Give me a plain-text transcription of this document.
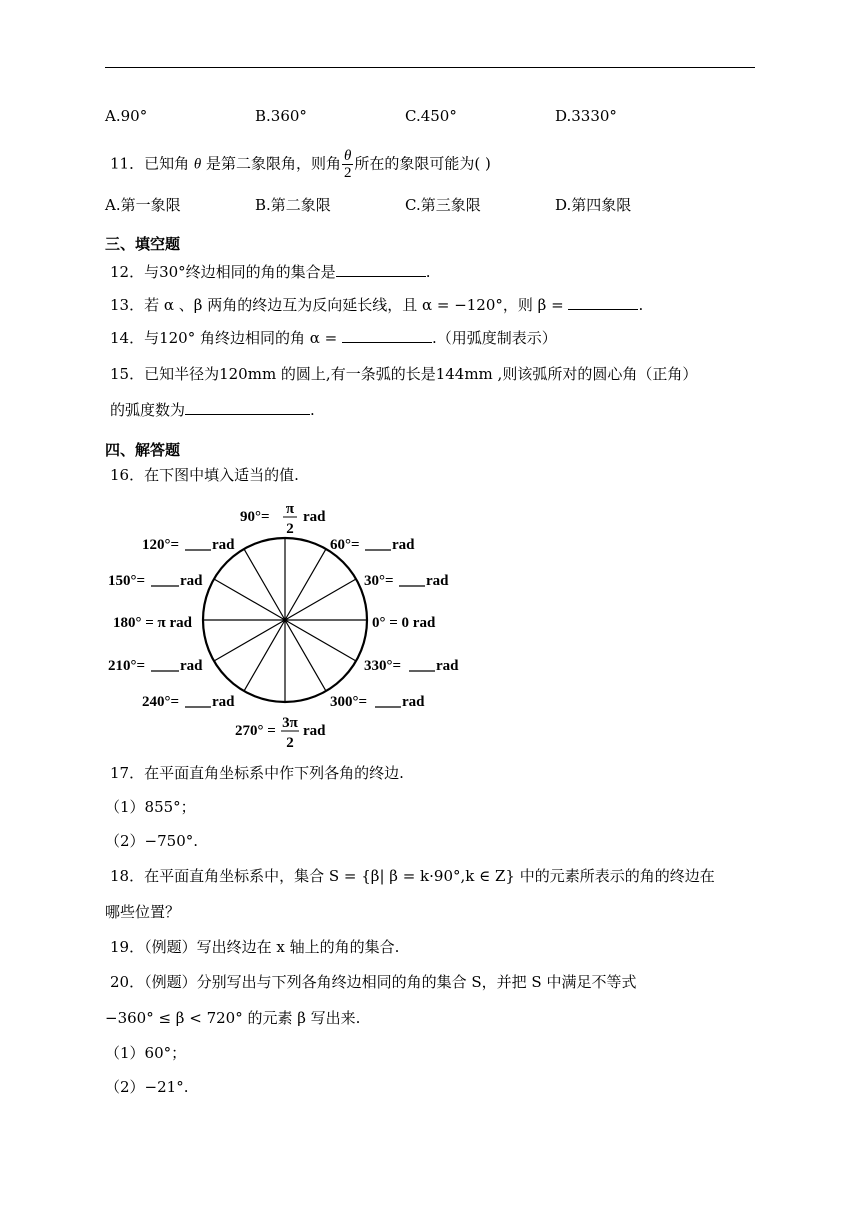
A.90°	B.360°	C.450°	D.3330°
11．已知角 θ 是第二象限角，则角 $\frac{\theta}{2}$ 所在的象限可能为( )
A.第一象限	B.第二象限	C.第三象限	D.第四象限
三、填空题
12．与30°终边相同的角的集合是	.
13．若 α 、β 两角的终边互为反向延长线，且 α = −120°，则 β =	.
14．与120° 角终边相同的角 α =	.（用弧度制表示）
15．已知半径为120mm 的圆上,有一条弧的长是144mm ,则该弧所对的圆心角（正角）
的弧度数为	.
四、解答题
16．在下图中填入适当的值.
90°= π
2
rad
120°= rad	60°= rad
150°= rad	30°= rad
180° = π rad	0° = 0 rad
210°= rad	330°= rad
240°= rad	300°= rad
270° = 3π
2
rad
17．在平面直角坐标系中作下列各角的终边.
（1）855°；
（2）−750°.
18．在平面直角坐标系中，集合 S = {β| β = k·90°,k ∈ Z} 中的元素所表示的角的终边在
哪些位置？
19．（例题）写出终边在 x 轴上的角的集合.
20．（例题）分别写出与下列各角终边相同的角的集合 S，并把 S 中满足不等式
−360° ≤ β < 720° 的元素 β 写出来.
（1）60°；
（2）−21°.
